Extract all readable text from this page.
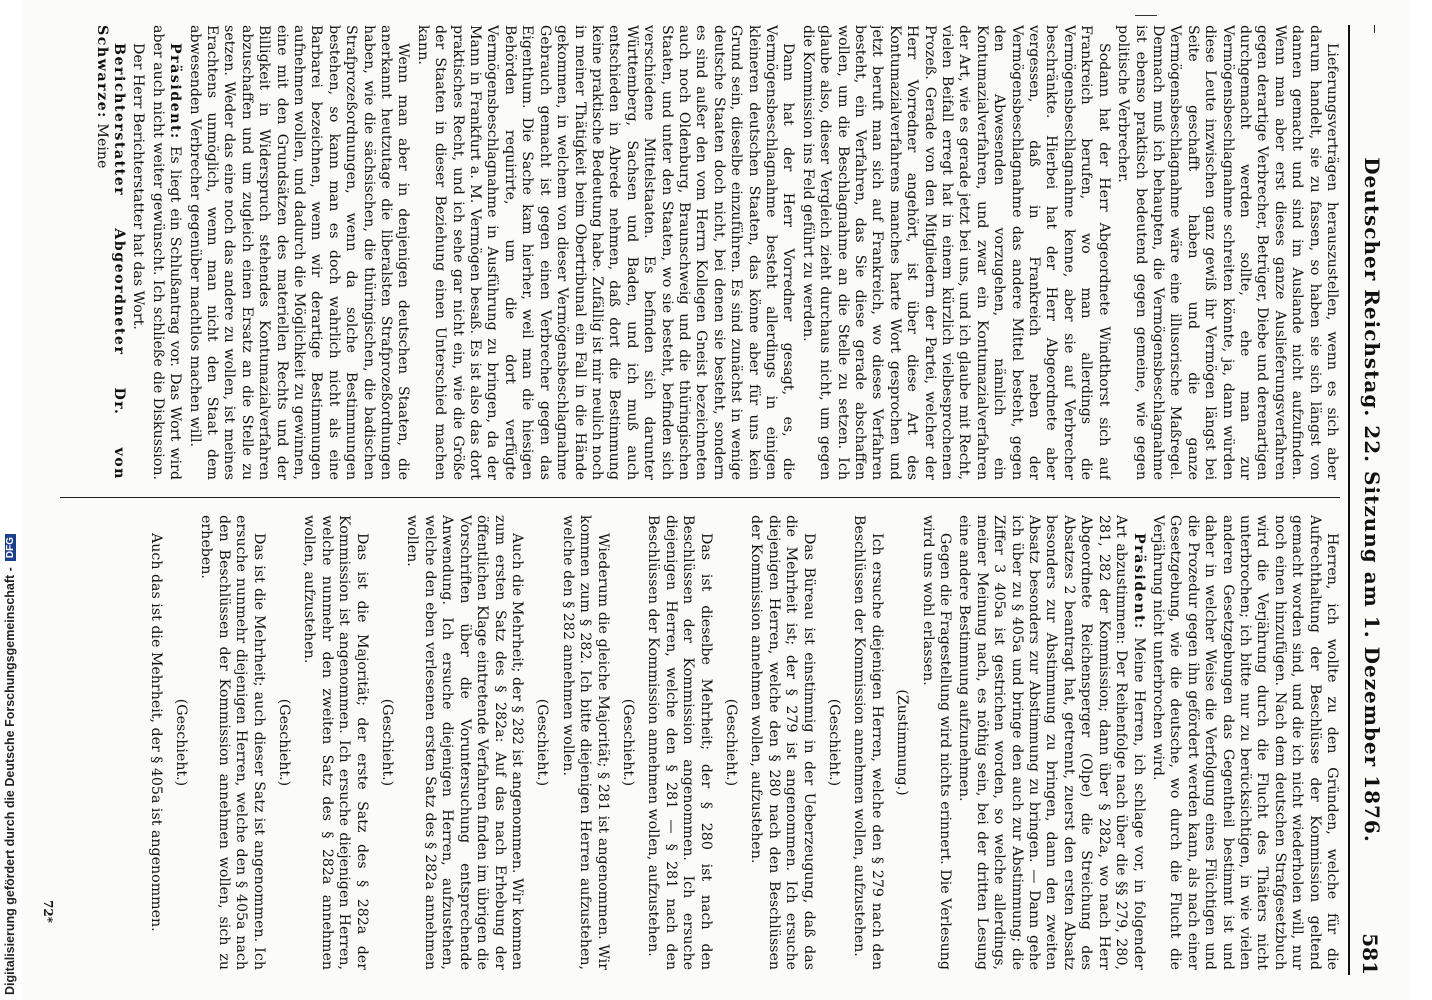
—
Deutscher Reichstag. 22. Sitzung am 1. Dezember 1876.
581

Lieferungsverträgen herauszustellen, wenn es sich aber darum handelt, sie zu fassen, so haben sie sich längst von dannen gemacht und sind im Auslande nicht aufzufinden. Wenn man aber erst dieses ganze Auslieferungsverfahren gegen derartige Verbrecher, Betrüger, Diebe und derenartigen durchgemacht werden sollte, ehe man zur Vermögensbeschlagnahme schreiten könnte, ja, dann würden diese Leute inzwischen ganz gewiß ihr Vermögen längst bei Seite geschafft haben und die ganze Vermögensbeschlagnahme wäre eine illusorische Maßregel. Demnach muß ich behaupten, die Vermögensbeschlagnahme ist ebenso praktisch bedeutend gegen gemeine, wie gegen politische Verbrecher.

Sodann hat der Herr Abgeordnete Windthorst sich auf Frankreich berufen, wo man allerdings die Vermögensbeschlagnahme kenne, aber sie auf Verbrecher beschränkte. Hierbei hat der Herr Abgeordnete aber vergessen, daß in Frankreich neben der Vermögensbeschlagnahme das andere Mittel besteht, gegen den Abwesenden vorzugehen, nämlich ein Kontumazialverfahren, und zwar ein Kontumazialverfahren der Art, wie es gerade jetzt bei uns, und ich glaube mit Recht, vielen Beifall erregt hat in einem kürzlich vielbesprochenen Prozeß. Gerade von den Mitgliedern der Partei, welcher der Herr Vorredner angehört, ist über diese Art des Kontumazialverfahrens manches harte Wort gesprochen und jetzt beruft man sich auf Frankreich, wo dieses Verfahren besteht, ein Verfahren, das Sie diese gerade abschaffen wollen, um die Beschlagnahme an die Stelle zu setzen. Ich glaube also, dieser Vergleich zieht durchaus nicht, um gegen die Kommission ins Feld geführt zu werden.

Dann hat der Herr Vorredner gesagt, es, die Vermögensbeschlagnahme besteht allerdings in einigen kleineren deutschen Staaten, das könne aber für uns kein Grund sein, dieselbe einzuführen. Es sind zunächst in wenige deutsche Staaten doch nicht, bei denen sie besteht, sondern es sind außer den vom Herrn Kollegen Gneist bezeichneten auch noch Oldenburg, Braunschweig und die thüringischen Staaten, und unter den Staaten, wo sie besteht, befinden sich verschiedene Mittelstaaten. Es befinden sich darunter Württemberg, Sachsen und Baden, und ich muß auch entschieden in Abrede nehmen, daß dort die Bestimmung keine praktische Bedeutung habe. Zufällig ist mir neulich noch in meiner Thätigkeit beim Obertribunal ein Fall in die Hände gekommen, in welchem von dieser Vermögensbeschlagnahme Gebrauch gemacht ist gegen einen Verbrecher gegen das Eigenthum. Die Sache kam hierher, weil man die hiesigen Behörden requirirte, um die dort verfügte Vermögensbeschlagnahme in Ausführung zu bringen, da der Mann in Frankfurt a. M. Vermögen besaß. Es ist also das dort praktisches Recht, und ich sehe gar nicht ein, wie die Größe der Staaten in dieser Beziehung einen Unterschied machen kann.

Wenn man aber in denjenigen deutschen Staaten, die anerkannt heutzutage die liberalsten Strafprozeßordnungen haben, wie die sächsischen, die thüringischen, die badischen Strafprozeßordnungen, wenn da solche Bestimmungen bestehen, so kann man es doch wahrlich nicht als eine Barbarei bezeichnen, wenn wir derartige Bestimmungen aufnehmen wollen, und dadurch die Möglichkeit zu gewinnen, eine mit den Grundsätzen des materiellen Rechts und der Billigkeit in Widerspruch stehendes Kontumazialverfahren abzuschaffen und um zugleich einen Ersatz an die Stelle zu setzen. Weder das eine noch das andere zu wollen, ist meines Erachtens unmöglich, wenn man nicht den Staat dem abwesenden Verbrecher gegenüber machtlos machen will.

Präsident: Es liegt ein Schlußantrag vor. Das Wort wird aber auch nicht weiter gewünscht. Ich schließe die Diskussion.

Der Herr Berichterstatter hat das Wort.

Berichterstatter Abgeordneter Dr. von Schwarze: Meine

Herren, ich wollte zu den Gründen, welche für die Aufrechthaltung der Beschlüsse der Kommission geltend gemacht worden sind, und die ich nicht wiederholen will, nur noch einen hinzufügen. Nach dem deutschen Strafgesetzbuch wird die Verjährung durch die Flucht des Thäters nicht unterbrochen; ich bitte nur zu berücksichtigen, in wie vielen anderen Gesetzgebungen das Gegentheil bestimmt ist und daher in welcher Weise die Verfolgung eines Flüchtigen und die Prozedur gegen ihn gefördert werden kann, als nach einer Gesetzgebung, wie die deutsche, wo durch die Flucht die Verjährung nicht unterbrochen wird.

Präsident: Meine Herren, ich schlage vor, in folgender Art abzustimmen: Der Reihenfolge nach über die §§ 279, 280, 281, 282 der Kommission; dann über § 282a, wo nach Herr Abgeordnete Reichensperger (Olpe) die Streichung des Absatzes 2 beantragt hat, getrennt, zuerst den ersten Absatz besonders zur Abstimmung zu bringen, dann den zweiten Absatz besonders zur Abstimmung zu bringen. — Dann gehe ich über zu § 405a und bringe den auch zur Abstimmung; die Ziffer 3 405a ist gestrichen worden, so welche allerdings, meiner Meinung nach, es nöthig sein, bei der dritten Lesung eine andere Bestimmung aufzunehmen.

Gegen die Fragestellung wird nichts erinnert. Die Verlesung wird uns wohl erlassen.

(Zustimmung.)

Ich ersuche diejenigen Herren, welche den § 279 nach den Beschlüssen der Kommission annehmen wollen, aufzustehen.

(Geschieht.)

Das Büreau ist einstimmig in der Ueberzeugung, daß das die Mehrheit ist; der § 279 ist angenommen. Ich ersuche diejenigen Herren, welche den § 280 nach den Beschlüssen der Kommission annehmen wollen, aufzustehen.

(Geschieht.)

Das ist dieselbe Mehrheit; der § 280 ist nach den Beschlüssen der Kommission angenommen. Ich ersuche diejenigen Herren, welche den § 281 — § 281 nach den Beschlüssen der Kommission annehmen wollen, aufzustehen.

(Geschieht.)

Wiederum die gleiche Majorität; § 281 ist angenommen. Wir kommen zum § 282. Ich bitte diejenigen Herren aufzustehen, welche den § 282 annehmen wollen.

(Geschieht.)

Auch die Mehrheit; der § 282 ist angenommen. Wir kommen zum ersten Satz des § 282a: Auf das nach Erhebung der öffentlichen Klage eintretende Verfahren finden im übrigen die Vorschriften über die Voruntersuchung entsprechende Anwendung. Ich ersuche diejenigen Herren, aufzustehen, welche den eben verlesenen ersten Satz des § 282a annehmen wollen.

(Geschieht.)

Das ist die Majorität; der erste Satz des § 282a der Kommission ist angenommen. Ich ersuche diejenigen Herren, welche nunmehr den zweiten Satz des § 282a annehmen wollen, aufzustehen.

(Geschieht.)

Das ist die Mehrheit; auch dieser Satz ist angenommen. Ich ersuche nunmehr diejenigen Herren, welche den § 405a nach den Beschlüssen der Kommission annehmen wollen, sich zu erheben.

(Geschieht.)

Auch das ist die Mehrheit, der § 405a ist angenommen.

72*
Digitalisierung gefördert durch die Deutsche Forschungsgemeinschaft -DFG
